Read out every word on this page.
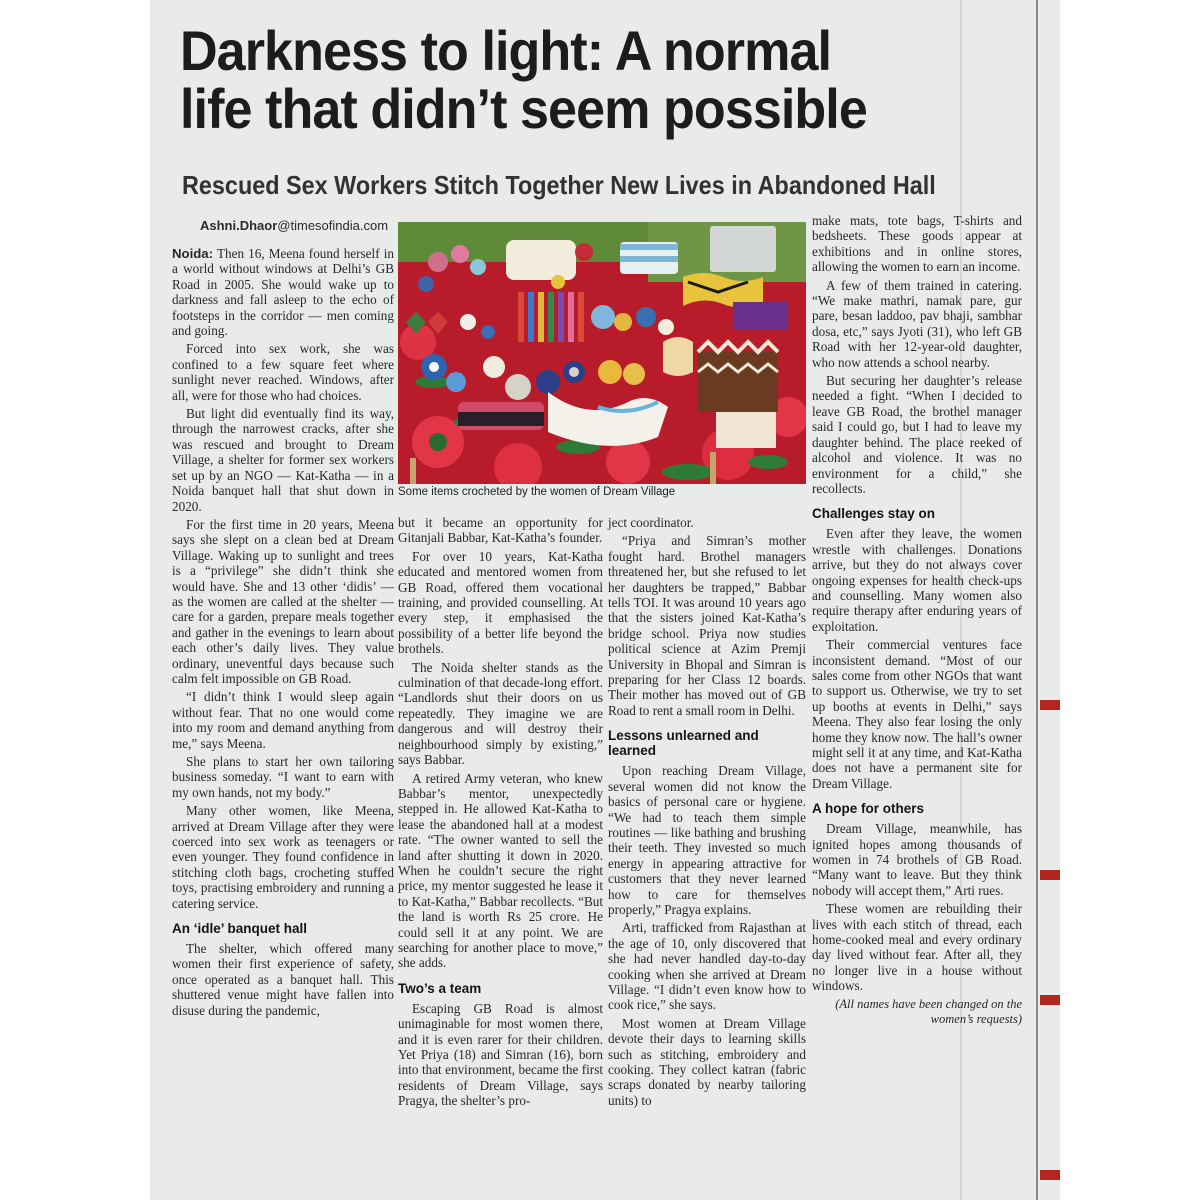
Darkness to light: A normal
life that didn’t seem possible
Rescued Sex Workers Stitch Together New Lives in Abandoned Hall
Ashni.Dhaor@timesofindia.com
Some items crocheted by the women of Dream Village

Noida: Then 16, Meena found herself in a world without windows at Delhi’s GB Road in 2005. She would wake up to darkness and fall asleep to the echo of footsteps in the corridor — men coming and going.

Forced into sex work, she was confined to a few square feet where sunlight never reached. Windows, after all, were for those who had choices.

But light did eventually find its way, through the narrowest cracks, after she was rescued and brought to Dream Village, a shelter for former sex workers set up by an NGO — Kat-Katha — in a Noida banquet hall that shut down in 2020.

For the first time in 20 years, Meena says she slept on a clean bed at Dream Village. Waking up to sunlight and trees is a “privilege” she didn’t think she would have. She and 13 other ‘didis’ — as the women are called at the shelter — care for a garden, prepare meals together and gather in the evenings to learn about each other’s daily lives. They value ordinary, uneventful days because such calm felt impossible on GB Road.

“I didn’t think I would sleep again without fear. That no one would come into my room and demand anything from me,” says Meena.

She plans to start her own tailoring business someday. “I want to earn with my own hands, not my body.”

Many other women, like Meena, arrived at Dream Village after they were coerced into sex work as teenagers or even younger. They found confidence in stitching cloth bags, crocheting stuffed toys, practising embroidery and running a catering service.

An ‘idle’ banquet hall

The shelter, which offered many women their first experience of safety, once operated as a banquet hall. This shuttered venue might have fallen into disuse during the pandemic,

but it became an opportunity for Gitanjali Babbar, Kat-Katha’s founder.

For over 10 years, Kat-Katha educated and mentored women from GB Road, offered them vocational training, and provided counselling. At every step, it emphasised the possibility of a better life beyond the brothels.

The Noida shelter stands as the culmination of that decade-long effort. “Landlords shut their doors on us repeatedly. They imagine we are dangerous and will destroy their neighbourhood simply by existing,” says Babbar.

A retired Army veteran, who knew Babbar’s mentor, unexpectedly stepped in. He allowed Kat-Katha to lease the abandoned hall at a modest rate. “The owner wanted to sell the land after shutting it down in 2020. When he couldn’t secure the right price, my mentor suggested he lease it to Kat-Katha,” Babbar recollects. “But the land is worth Rs 25 crore. He could sell it at any point. We are searching for another place to move,” she adds.

Two’s a team

Escaping GB Road is almost unimaginable for most women there, and it is even rarer for their children. Yet Priya (18) and Simran (16), born into that environment, became the first residents of Dream Village, says Pragya, the shelter’s pro-

ject coordinator.

“Priya and Simran’s mother fought hard. Brothel managers threatened her, but she refused to let her daughters be trapped,” Babbar tells TOI. It was around 10 years ago that the sisters joined Kat-Katha’s bridge school. Priya now studies political science at Azim Premji University in Bhopal and Simran is preparing for her Class 12 boards. Their mother has moved out of GB Road to rent a small room in Delhi.

Lessons unlearned and learned

Upon reaching Dream Village, several women did not know the basics of personal care or hygiene. “We had to teach them simple routines — like bathing and brushing their teeth. They invested so much energy in appearing attractive for customers that they never learned how to care for themselves properly,” Pragya explains.

Arti, trafficked from Rajasthan at the age of 10, only discovered that she had never handled day-to-day cooking when she arrived at Dream Village. “I didn’t even know how to cook rice,” she says.

Most women at Dream Village devote their days to learning skills such as stitching, embroidery and cooking. They collect katran (fabric scraps donated by nearby tailoring units) to

make mats, tote bags, T-shirts and bedsheets. These goods appear at exhibitions and in online stores, allowing the women to earn an income.

A few of them trained in catering. “We make mathri, namak pare, gur pare, besan laddoo, pav bhaji, sambhar dosa, etc,” says Jyoti (31), who left GB Road with her 12-year-old daughter, who now attends a school nearby.

But securing her daughter’s release needed a fight. “When I decided to leave GB Road, the brothel manager said I could go, but I had to leave my daughter behind. The place reeked of alcohol and violence. It was no environment for a child,” she recollects.

Challenges stay on

Even after they leave, the women wrestle with challenges. Donations arrive, but they do not always cover ongoing expenses for health check-ups and counselling. Many women also require therapy after enduring years of exploitation.

Their commercial ventures face inconsistent demand. “Most of our sales come from other NGOs that want to support us. Otherwise, we try to set up booths at events in Delhi,” says Meena. They also fear losing the only home they know now. The hall’s owner might sell it at any time, and Kat-Katha does not have a permanent site for Dream Village.

A hope for others

Dream Village, meanwhile, has ignited hopes among thousands of women in 74 brothels of GB Road. “Many want to leave. But they think nobody will accept them,” Arti rues.

These women are rebuilding their lives with each stitch of thread, each home-cooked meal and every ordinary day lived without fear. After all, they no longer live in a house without windows.

(All names have been changed on the women’s requests)
